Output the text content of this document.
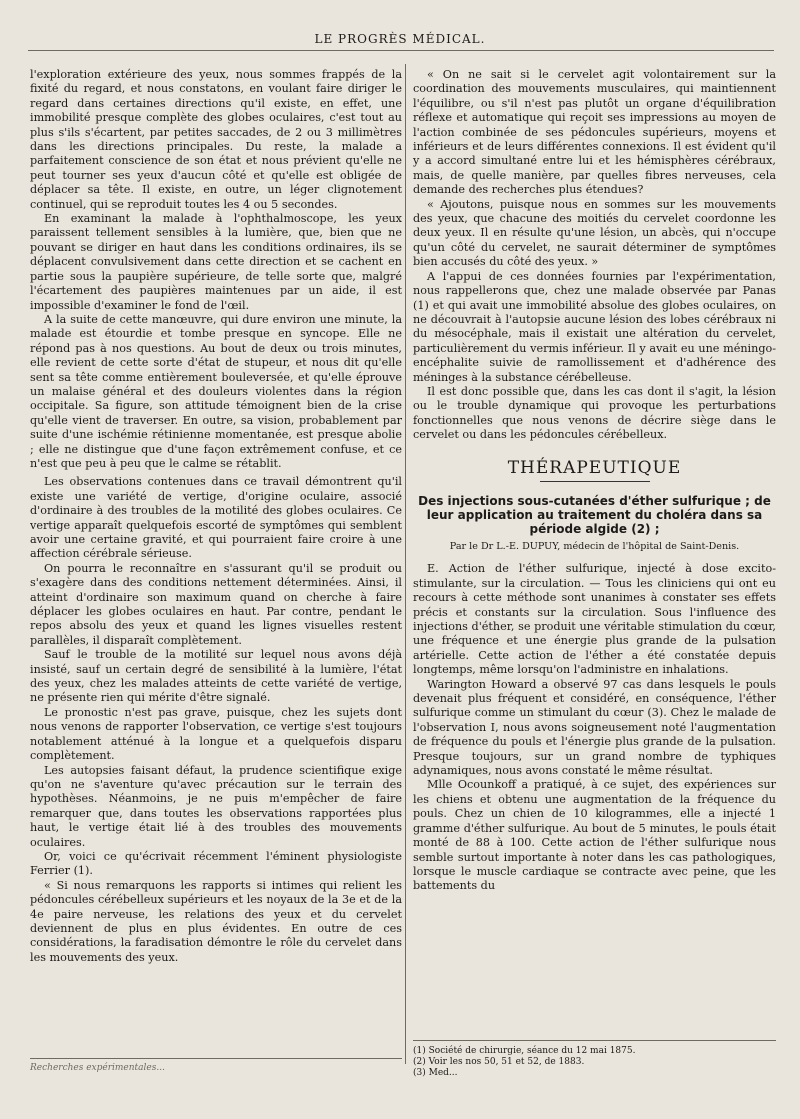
LE PROGRÈS MÉDICAL.

l'exploration extérieure des yeux, nous sommes frappés de la fixité du regard, et nous constatons, en voulant faire diriger le regard dans certaines directions qu'il existe, en effet, une immobilité presque complète des globes oculaires, c'est tout au plus s'ils s'écartent, par petites saccades, de 2 ou 3 millimètres dans les directions principales. Du reste, la malade a parfaitement conscience de son état et nous prévient qu'elle ne peut tourner ses yeux d'aucun côté et qu'elle est obligée de déplacer sa tête. Il existe, en outre, un léger clignotement continuel, qui se reproduit toutes les 4 ou 5 secondes.

En examinant la malade à l'ophthalmoscope, les yeux paraissent tellement sensibles à la lumière, que, bien que ne pouvant se diriger en haut dans les conditions ordinaires, ils se déplacent convulsivement dans cette direction et se cachent en partie sous la paupière supérieure, de telle sorte que, malgré l'écartement des paupières maintenues par un aide, il est impossible d'examiner le fond de l'œil.

A la suite de cette manœuvre, qui dure environ une minute, la malade est étourdie et tombe presque en syncope. Elle ne répond pas à nos questions. Au bout de deux ou trois minutes, elle revient de cette sorte d'état de stupeur, et nous dit qu'elle sent sa tête comme entièrement bouleversée, et qu'elle éprouve un malaise général et des douleurs violentes dans la région occipitale. Sa figure, son attitude témoignent bien de la crise qu'elle vient de traverser. En outre, sa vision, probablement par suite d'une ischémie rétinienne momentanée, est presque abolie ; elle ne distingue que d'une façon extrêmement confuse, et ce n'est que peu à peu que le calme se rétablit.

Les observations contenues dans ce travail démontrent qu'il existe une variété de vertige, d'origine oculaire, associé d'ordinaire à des troubles de la motilité des globes oculaires. Ce vertige apparaît quelquefois escorté de symptômes qui semblent avoir une certaine gravité, et qui pourraient faire croire à une affection cérébrale sérieuse.

On pourra le reconnaître en s'assurant qu'il se produit ou s'exagère dans des conditions nettement déterminées. Ainsi, il atteint d'ordinaire son maximum quand on cherche à faire déplacer les globes oculaires en haut. Par contre, pendant le repos absolu des yeux et quand les lignes visuelles restent parallèles, il disparaît complètement.

Sauf le trouble de la motilité sur lequel nous avons déjà insisté, sauf un certain degré de sensibilité à la lumière, l'état des yeux, chez les malades atteints de cette variété de vertige, ne présente rien qui mérite d'être signalé.

Le pronostic n'est pas grave, puisque, chez les sujets dont nous venons de rapporter l'observation, ce vertige s'est toujours notablement atténué à la longue et a quelquefois disparu complètement.

Les autopsies faisant défaut, la prudence scientifique exige qu'on ne s'aventure qu'avec précaution sur le terrain des hypothèses. Néanmoins, je ne puis m'empêcher de faire remarquer que, dans toutes les observations rapportées plus haut, le vertige était lié à des troubles des mouvements oculaires.

Or, voici ce qu'écrivait récemment l'éminent physiologiste Ferrier (1).

« Si nous remarquons les rapports si intimes qui relient les pédoncules cérébelleux supérieurs et les noyaux de la 3e et de la 4e paire nerveuse, les relations des yeux et du cervelet deviennent de plus en plus évidentes. En outre de ces considérations, la faradisation démontre le rôle du cervelet dans les mouvements des yeux.

Recherches expérimentales...

« On ne sait si le cervelet agit volontairement sur la coordination des mouvements musculaires, qui maintiennent l'équilibre, ou s'il n'est pas plutôt un organe d'équilibration réflexe et automatique qui reçoit ses impressions au moyen de l'action combinée de ses pédoncules supérieurs, moyens et inférieurs et de leurs différentes connexions. Il est évident qu'il y a accord simultané entre lui et les hémisphères cérébraux, mais, de quelle manière, par quelles fibres nerveuses, cela demande des recherches plus étendues?

« Ajoutons, puisque nous en sommes sur les mouvements des yeux, que chacune des moitiés du cervelet coordonne les deux yeux. Il en résulte qu'une lésion, un abcès, qui n'occupe qu'un côté du cervelet, ne saurait déterminer de symptômes bien accusés du côté des yeux. »

A l'appui de ces données fournies par l'expérimentation, nous rappellerons que, chez une malade observée par Panas (1) et qui avait une immobilité absolue des globes oculaires, on ne découvrait à l'autopsie aucune lésion des lobes cérébraux ni du mésocéphale, mais il existait une altération du cervelet, particulièrement du vermis inférieur. Il y avait eu une méningo-encéphalite suivie de ramollissement et d'adhérence des méninges à la substance cérébelleuse.

Il est donc possible que, dans les cas dont il s'agit, la lésion ou le trouble dynamique qui provoque les perturbations fonctionnelles que nous venons de décrire siège dans le cervelet ou dans les pédoncules cérébelleux.

THÉRAPEUTIQUE
Des injections sous-cutanées d'éther sulfurique ; de leur application au traitement du choléra dans sa période algide (2) ;
Par le Dr L.-E. DUPUY, médecin de l'hôpital de Saint-Denis.

E. Action de l'éther sulfurique, injecté à dose excito-stimulante, sur la circulation. — Tous les cliniciens qui ont eu recours à cette méthode sont unanimes à constater ses effets précis et constants sur la circulation. Sous l'influence des injections d'éther, se produit une véritable stimulation du cœur, une fréquence et une énergie plus grande de la pulsation artérielle. Cette action de l'éther a été constatée depuis longtemps, même lorsqu'on l'administre en inhalations.

Warington Howard a observé 97 cas dans lesquels le pouls devenait plus fréquent et considéré, en conséquence, l'éther sulfurique comme un stimulant du cœur (3). Chez le malade de l'observation I, nous avons soigneusement noté l'augmentation de fréquence du pouls et l'énergie plus grande de la pulsation. Presque toujours, sur un grand nombre de typhiques adynamiques, nous avons constaté le même résultat.

Mlle Ocounkoff a pratiqué, à ce sujet, des expériences sur les chiens et obtenu une augmentation de la fréquence du pouls. Chez un chien de 10 kilogrammes, elle a injecté 1 gramme d'éther sulfurique. Au bout de 5 minutes, le pouls était monté de 88 à 100. Cette action de l'éther sulfurique nous semble surtout importante à noter dans les cas pathologiques, lorsque le muscle cardiaque se contracte avec peine, que les battements du

(1) Société de chirurgie, séance du 12 mai 1875.
(2) Voir les nos 50, 51 et 52, de 1883.
(3) Med...
